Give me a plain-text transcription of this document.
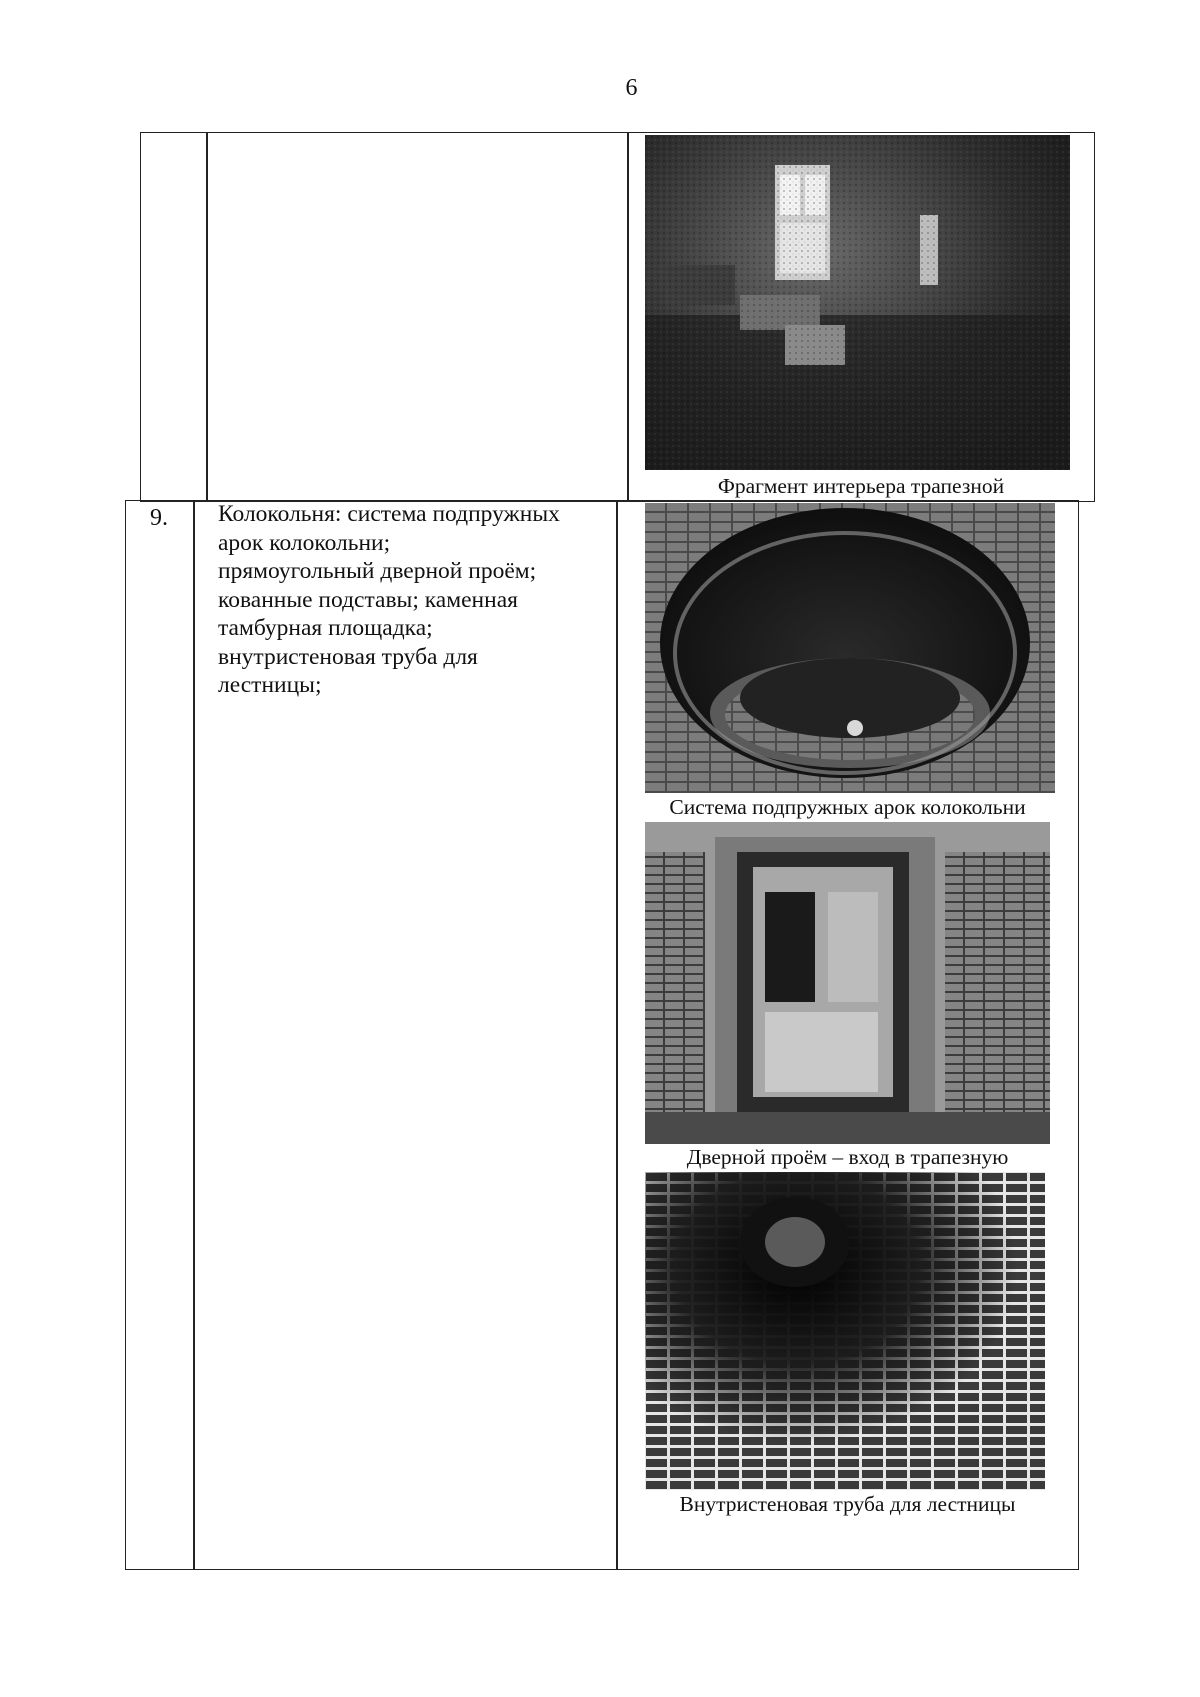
6
Фрагмент интерьера трапезной
9. Колокольня: система подпружных
арок колокольни;
прямоугольный дверной проём;
кованные подставы; каменная
тамбурная площадка;
внутристеновая труба для
лестницы;
Система подпружных арок колокольни
Дверной проём – вход в трапезную
Внутристеновая труба для лестницы
